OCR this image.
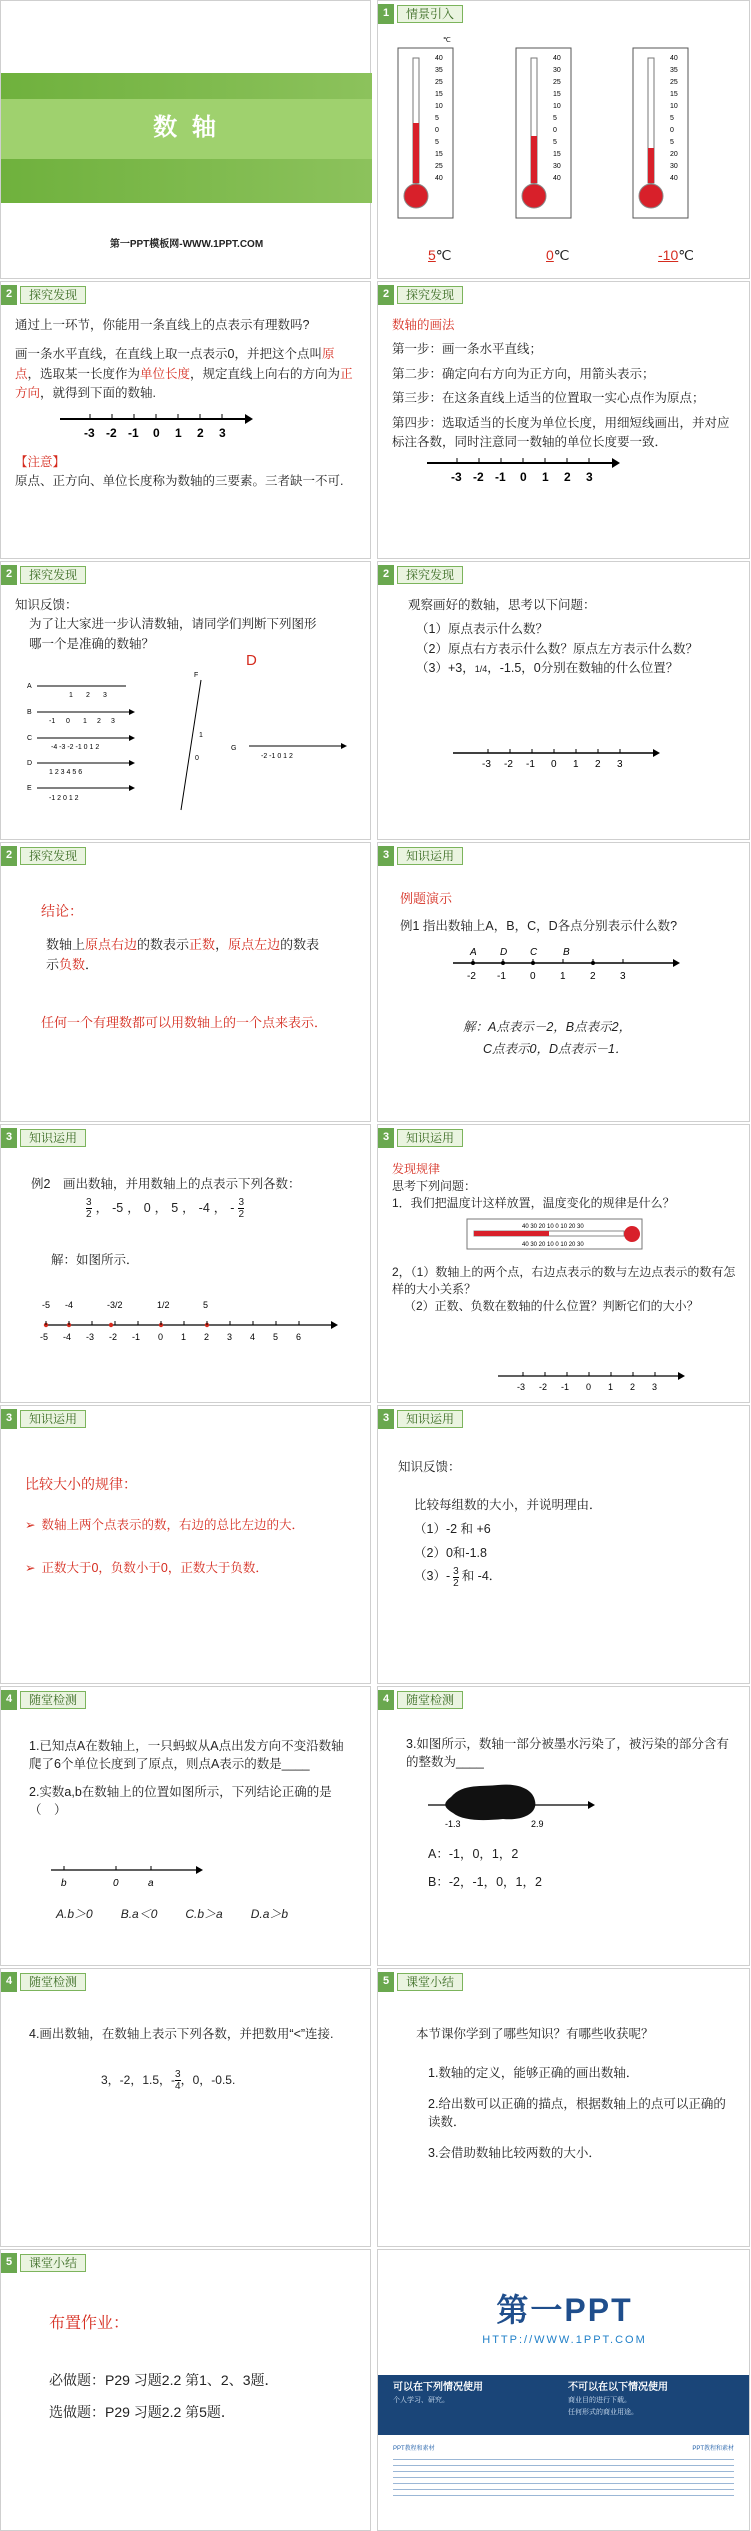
数 轴
第一PPT模板网-WWW.1PPT.COM
1	情景引入
40
35
25
15
10
5
0
5
15
25
40
℃
40
30
25
15
10
5
0
5
15
30
40
40
35
25
15
10
5
0
5
20
30
40
5℃	0℃	-10℃
2	探究发现
通过上一环节，你能用一条直线上的点表示有理数吗?
画一条水平直线，在直线上取一点表示0，并把这个点叫原点，选取某一长度作为单位长度，规定直线上向右的方向为正方向，就得到下面的数轴.
-3 -2 -1 0 1 2 3
【注意】
原点、正方向、单位长度称为数轴的三要素。三者缺一不可.
2	探究发现
数轴的画法
第一步：画一条水平直线；
第二步：确定向右方向为正方向，用箭头表示；
第三步：在这条直线上适当的位置取一实心点作为原点；
第四步：选取适当的长度为单位长度，用细短线画出，并对应标注各数，同时注意同一数轴的单位长度要一致．
-3 -2 -1 0 1 2 3
2	探究发现
知识反馈：
为了让大家进一步认清数轴，请同学们判断下列图形哪一个是准确的数轴？
D
A
1 2 3
B
-1 0 1 2 3
C
-4 -3 -2 -1 0 1 2
D
1 2 3 4 5 6
E
-1 2 0 1 2
F
1
0
G
-2 -1 0 1 2
2	探究发现
观察画好的数轴，思考以下问题：
（1）原点表示什么数？
（2）原点右方表示什么数？原点左方表示什么数？
（3）+3，1/4，-1.5，0分别在数轴的什么位置？
-3 -2 -1 0 1 2 3
2	探究发现
结论：
数轴上原点右边的数表示正数，原点左边的数表示负数．
任何一个有理数都可以用数轴上的一个点来表示．
3	知识运用
例题演示
例1 指出数轴上A，B，C，D各点分别表示什么数?
A D C	B
-2 -1 0 1 2 3
解：A点表示－2，B点表示2，
C点表示0，D点表示－1．
3	知识运用
例2　画出数轴，并用数轴上的点表示下列各数：
3
2 ， -5 ， 0 ， 5 ， -4 ， - 3
2
解：如图所示．
-5 -4	-3/2	1/2	5
-5 -4 -3 -2 -1 0 1 2 3 4 5 6
3	知识运用
发现规律
思考下列问题：
1．我们把温度计这样放置，温度变化的规律是什么？
40 30 20 10 0 10 20 30
40 30 20 10 0 10 20 30
2，（1）数轴上的两个点，右边点表示的数与左边点表示的数有怎样的大小关系？
（2）正数、负数在数轴的什么位置？判断它们的大小？
-3 -2 -1 0 1 2 3
3	知识运用
比较大小的规律：
➢ 数轴上两个点表示的数，右边的总比左边的大．
➢ 正数大于0，负数小于0，正数大于负数．
3	知识运用
知识反馈：
比较每组数的大小，并说明理由．
（1）-2 和 +6
（2）0和-1.8
（3）- 3
2 和 -4．
4	随堂检测
1.已知点A在数轴上，一只蚂蚁从A点出发方向不变沿数轴爬了6个单位长度到了原点，则点A表示的数是____
2.实数a,b在数轴上的位置如图所示，下列结论正确的是（　）
b	0	a
A.b＞0 B.a＜0 C.b＞a D.a＞b
4	随堂检测
3.如图所示，数轴一部分被墨水污染了，被污染的部分含有的整数为____
-1.3	2.9
A：-1，0，1，2
B：-2，-1，0，1，2
4	随堂检测
4.画出数轴，在数轴上表示下列各数，并把数用“<”连接.
3，-2，1.5，- 3
4 ，0，-0.5.
5	课堂小结
本节课你学到了哪些知识？有哪些收获呢？
1.数轴的定义，能够正确的画出数轴．
2.给出数可以正确的描点，根据数轴上的点可以正确的读数．
3.会借助数轴比较两数的大小．
5	课堂小结
布置作业：
必做题：P29 习题2.2 第1、2、3题．
选做题：P29 习题2.2 第5题．
第一PPT
HTTP://WWW.1PPT.COM
可以在下列情况使用
个人学习、研究。
不可以在以下情况使用
商业目的进行下载。
任何形式的商业用途。
PPT教程和素材	PPT教程和素材
